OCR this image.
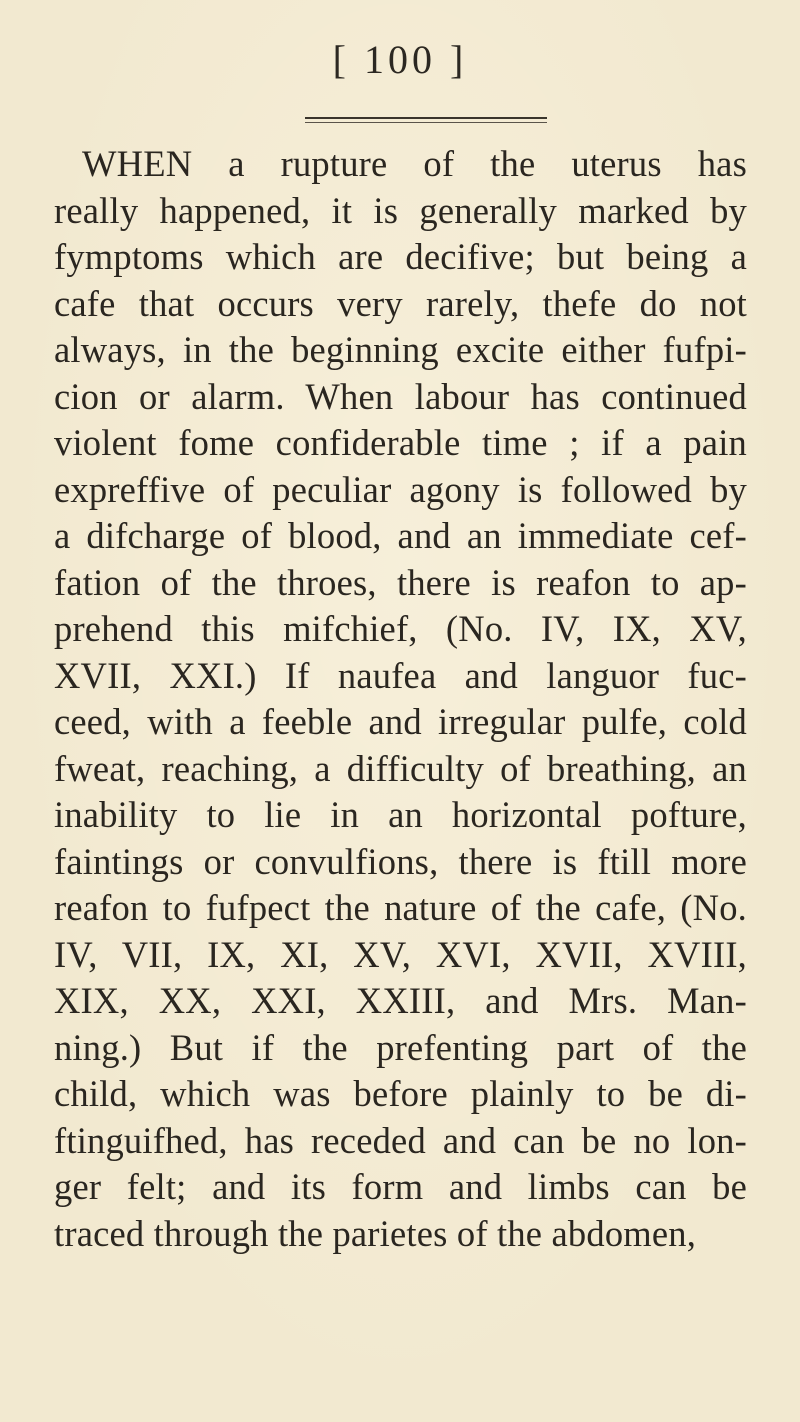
[ 100 ]
WHEN a rupture of the uterus has
really happened, it is generally marked by
fymptoms which are decifive; but being a
cafe that occurs very rarely, thefe do not
always, in the beginning excite either fufpi-
cion or alarm. When labour has continued
violent fome confiderable time ; if a pain
expreffive of peculiar agony is followed by
a difcharge of blood, and an immediate cef-
fation of the throes, there is reafon to ap-
prehend this mifchief, (No. IV, IX, XV,
XVII, XXI.) If naufea and languor fuc-
ceed, with a feeble and irregular pulfe, cold
fweat, reaching, a difficulty of breathing, an
inability to lie in an horizontal pofture,
faintings or convulfions, there is ftill more
reafon to fufpect the nature of the cafe, (No.
IV, VII, IX, XI, XV, XVI, XVII, XVIII,
XIX, XX, XXI, XXIII, and Mrs. Man-
ning.) But if the prefenting part of the
child, which was before plainly to be di-
ftinguifhed, has receded and can be no lon-
ger felt; and its form and limbs can be
traced through the parietes of the abdomen,
